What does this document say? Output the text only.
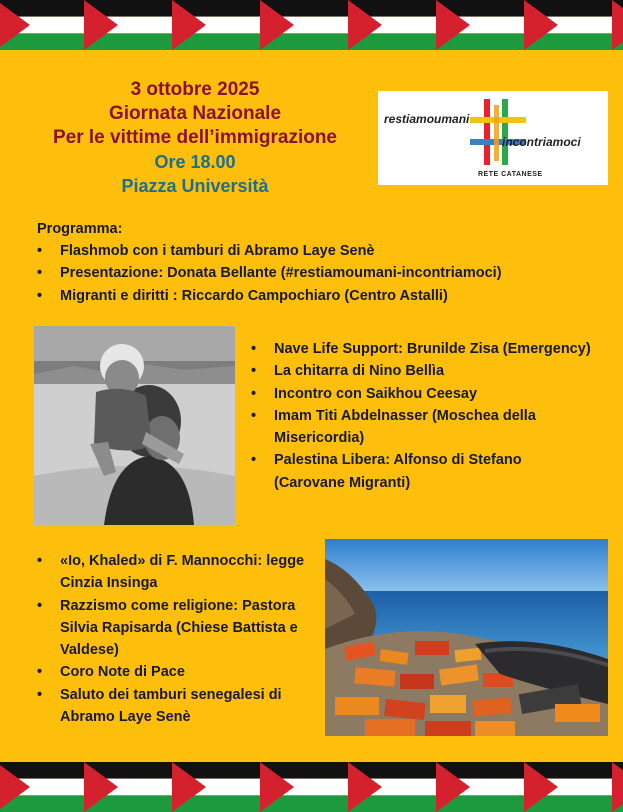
3 ottobre 2025
Giornata Nazionale
Per le vittime dell’immigrazione
Ore 18.00
Piazza Università
restiamoumani
incontriamoci
RETE CATANESE
Programma:
• Flashmob con i tamburi di Abramo Laye Senè
• Presentazione: Donata Bellante (#restiamoumani-incontriamoci)
• Migranti e diritti : Riccardo Campochiaro (Centro Astalli)
• Nave Life Support: Brunilde Zisa (Emergency)
• La chitarra di Nino Bellìa
• Incontro con Saikhou Ceesay
• Imam Titi Abdelnasser (Moschea della Misericordia)
• Palestina Libera: Alfonso di Stefano (Carovane Migranti)
• «Io, Khaled» di F. Mannocchi: legge Cinzia Insinga
• Razzismo come religione: Pastora Silvia Rapisarda (Chiese Battista e Valdese)
• Coro Note di Pace
• Saluto dei tamburi senegalesi di Abramo Laye Senè
